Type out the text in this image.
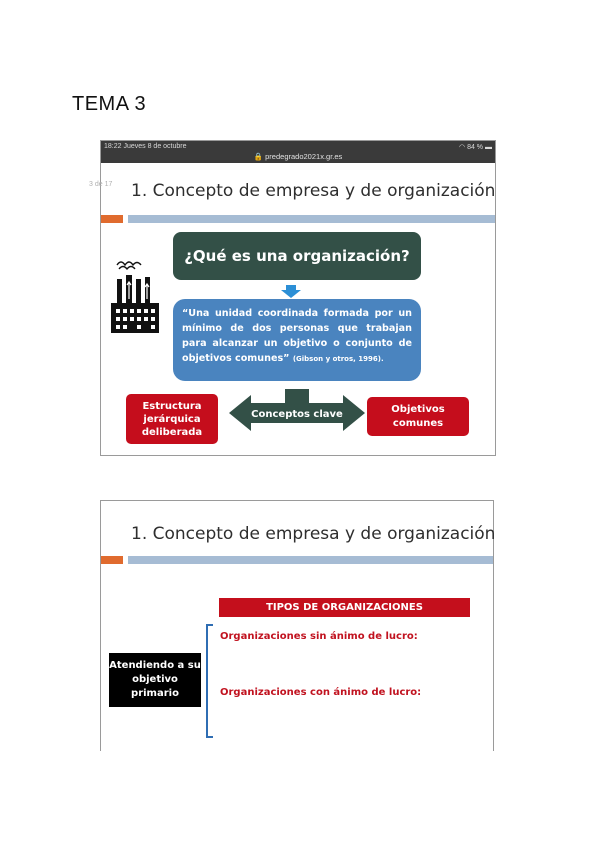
TEMA 3
18:22 Jueves 8 de octubre
🔒 predegrado2021x.gr.es
◠ 84 % ▬
3 de 17 1. Concepto de empresa y de organización
¿Qué es una organización?
“Una unidad coordinada formada por un mínimo de dos personas que trabajan para alcanzar un objetivo o conjunto de objetivos comunes” (Gibson y otros, 1996).
Estructura jerárquica deliberada
Conceptos clave	Objetivos comunes
1. Concepto de empresa y de organización
TIPOS DE ORGANIZACIONES
Atendiendo a su objetivo primario
Organizaciones sin ánimo de lucro:
Organizaciones con ánimo de lucro:
